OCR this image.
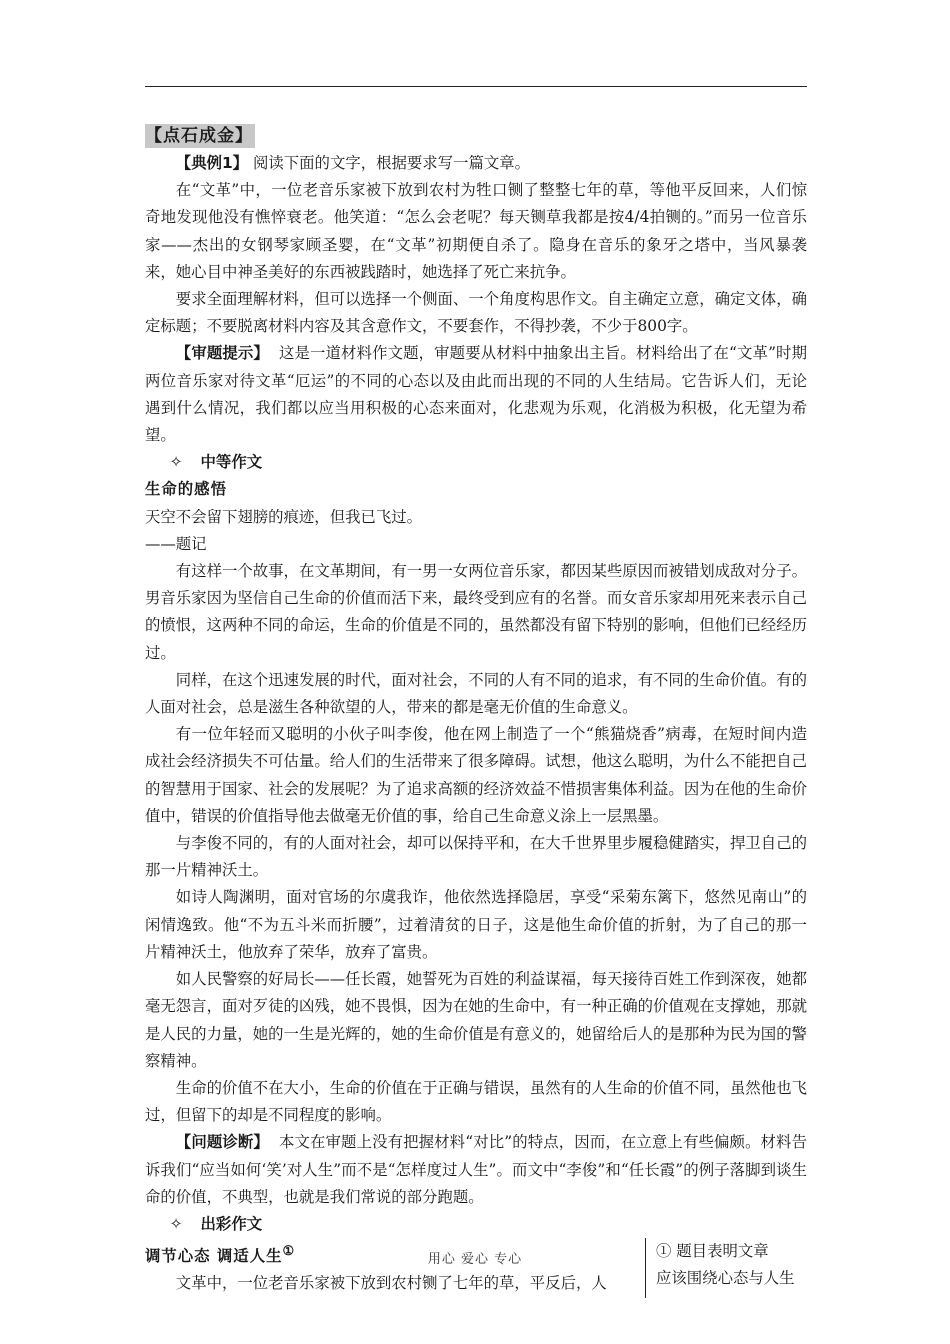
【点石成金】

【典例1】 阅读下面的文字，根据要求写一篇文章。

在“文革”中，一位老音乐家被下放到农村为牲口铡了整整七年的草，等他平反回来，人们惊奇地发现他没有憔悴衰老。他笑道：“怎么会老呢？每天铡草我都是按4/4拍铡的。”而另一位音乐家——杰出的女钢琴家顾圣婴，在“文革”初期便自杀了。隐身在音乐的象牙之塔中，当风暴袭来，她心目中神圣美好的东西被践踏时，她选择了死亡来抗争。

要求全面理解材料，但可以选择一个侧面、一个角度构思作文。自主确定立意，确定文体，确定标题；不要脱离材料内容及其含意作文，不要套作，不得抄袭，不少于800字。

【审题提示】 这是一道材料作文题，审题要从材料中抽象出主旨。材料给出了在“文革”时期两位音乐家对待文革“厄运”的不同的心态以及由此而出现的不同的人生结局。它告诉人们，无论遇到什么情况，我们都以应当用积极的心态来面对，化悲观为乐观，化消极为积极，化无望为希望。

✧ 中等作文

生命的感悟

天空不会留下翅膀的痕迹，但我已飞过。

——题记

有这样一个故事，在文革期间，有一男一女两位音乐家，都因某些原因而被错划成敌对分子。男音乐家因为坚信自己生命的价值而活下来，最终受到应有的名誉。而女音乐家却用死来表示自己的愤恨，这两种不同的命运，生命的价值是不同的，虽然都没有留下特别的影响，但他们已经经历过。

同样，在这个迅速发展的时代，面对社会，不同的人有不同的追求，有不同的生命价值。有的人面对社会，总是滋生各种欲望的人，带来的都是毫无价值的生命意义。

有一位年轻而又聪明的小伙子叫李俊，他在网上制造了一个“熊猫烧香”病毒，在短时间内造成社会经济损失不可估量。给人们的生活带来了很多障碍。试想，他这么聪明，为什么不能把自己的智慧用于国家、社会的发展呢？为了追求高额的经济效益不惜损害集体利益。因为在他的生命价值中，错误的价值指导他去做毫无价值的事，给自己生命意义涂上一层黑墨。

与李俊不同的，有的人面对社会，却可以保持平和，在大千世界里步履稳健踏实，捍卫自己的那一片精神沃土。

如诗人陶渊明，面对官场的尔虞我诈，他依然选择隐居，享受“采菊东篱下，悠然见南山”的闲情逸致。他“不为五斗米而折腰”，过着清贫的日子，这是他生命价值的折射，为了自己的那一片精神沃土，他放弃了荣华，放弃了富贵。

如人民警察的好局长——任长霞，她誓死为百姓的利益谋福，每天接待百姓工作到深夜，她都毫无怨言，面对歹徒的凶残，她不畏惧，因为在她的生命中，有一种正确的价值观在支撑她，那就是人民的力量，她的一生是光辉的，她的生命价值是有意义的，她留给后人的是那种为民为国的警察精神。

生命的价值不在大小，生命的价值在于正确与错误，虽然有的人生命的价值不同，虽然他也飞过，但留下的却是不同程度的影响。

【问题诊断】 本文在审题上没有把握材料“对比”的特点，因而，在立意上有些偏颇。材料告诉我们“应当如何‘笑’对人生”而不是“怎样度过人生”。而文中“李俊”和“任长霞”的例子落脚到谈生命的价值，不典型，也就是我们常说的部分跑题。

✧ 出彩作文

调节心态 调适人生①

文革中，一位老音乐家被下放到农村铡了七年的草，平反后，人

① 题目表明文章

应该围绕心态与人生

用心 爱心 专心
